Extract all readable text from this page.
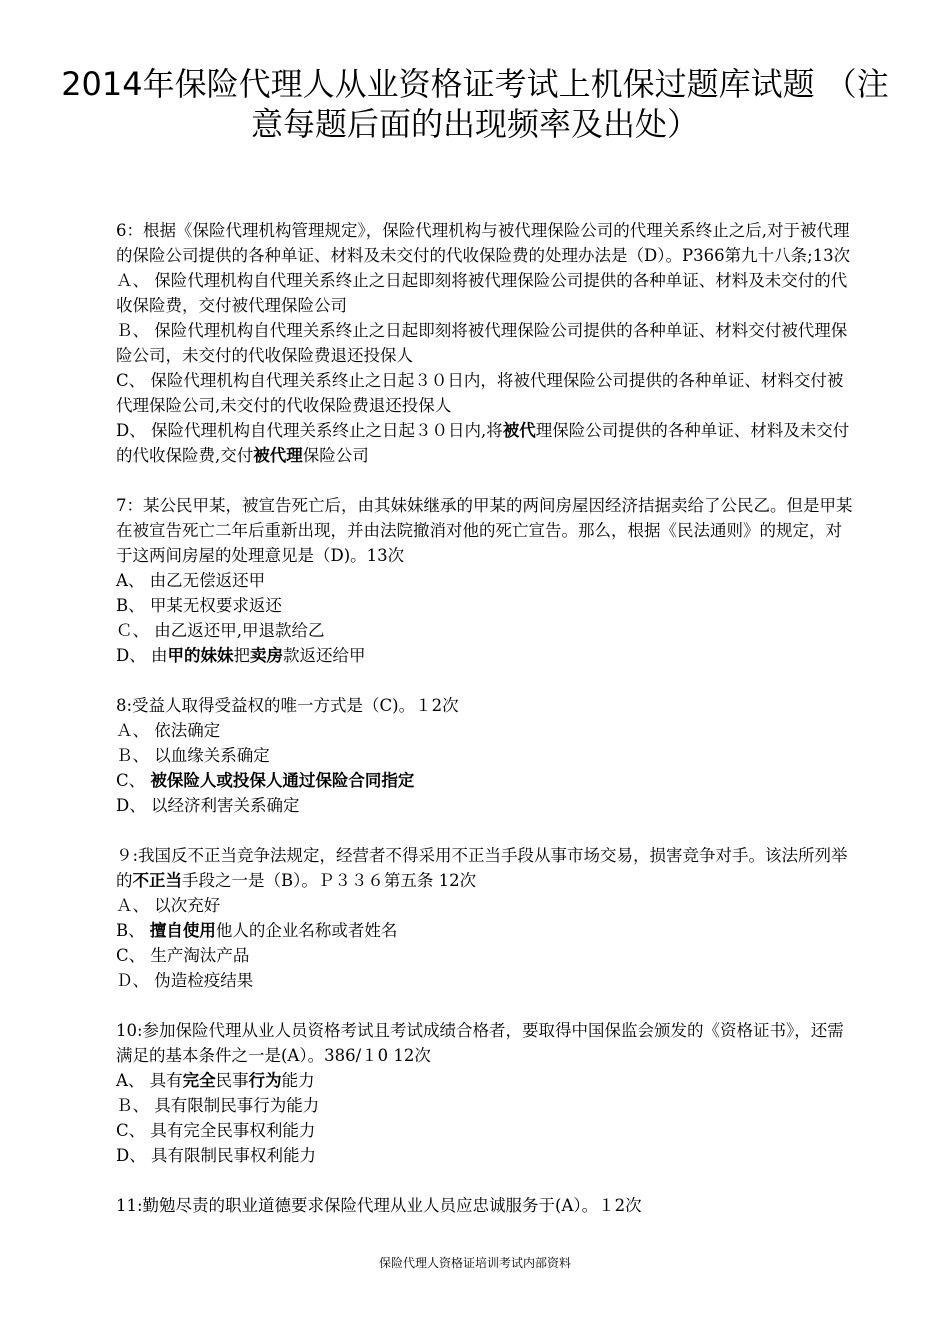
2014年保险代理人从业资格证考试上机保过题库试题 （注意每题后面的出现频率及出处）
6：根据《保险代理机构管理规定》，保险代理机构与被代理保险公司的代理关系终止之后,对于被代理的保险公司提供的各种单证、材料及未交付的代收保险费的处理办法是（D）。P366第九十八条;13次
Ａ、 保险代理机构自代理关系终止之日起即刻将被代理保险公司提供的各种单证、材料及未交付的代收保险费，交付被代理保险公司
Ｂ、 保险代理机构自代理关系终止之日起即刻将被代理保险公司提供的各种单证、材料交付被代理保险公司，未交付的代收保险费退还投保人
C、 保险代理机构自代理关系终止之日起３０日内，将被代理保险公司提供的各种单证、材料交付被代理保险公司,未交付的代收保险费退还投保人
D、 保险代理机构自代理关系终止之日起３０日内,将被代理保险公司提供的各种单证、材料及未交付的代收保险费,交付被代理保险公司
7：某公民甲某，被宣告死亡后，由其妹妹继承的甲某的两间房屋因经济拮据卖给了公民乙。但是甲某在被宣告死亡二年后重新出现，并由法院撤消对他的死亡宣告。那么，根据《民法通则》的规定，对于这两间房屋的处理意见是（D)。13次
A、 由乙无偿返还甲
B、 甲某无权要求返还
Ｃ、 由乙返还甲,甲退款给乙
D、 由甲的妹妹把卖房款返还给甲
8:受益人取得受益权的唯一方式是（C)。１2次
Ａ、 依法确定
Ｂ、 以血缘关系确定
C、 被保险人或投保人通过保险合同指定
D、 以经济利害关系确定
９:我国反不正当竞争法规定，经营者不得采用不正当手段从事市场交易，损害竞争对手。该法所列举的不正当手段之一是（B）。Ｐ３３６第五条 12次
Ａ、 以次充好
B、 擅自使用他人的企业名称或者姓名
C、 生产淘汰产品
Ｄ、 伪造检疫结果
10:参加保险代理从业人员资格考试且考试成绩合格者，要取得中国保监会颁发的《资格证书》，还需满足的基本条件之一是(A）。386/１0 12次
A、 具有完全民事行为能力
Ｂ、 具有限制民事行为能力
C、 具有完全民事权利能力
D、 具有限制民事权利能力
11:勤勉尽责的职业道德要求保险代理从业人员应忠诚服务于(A）。１2次
保险代理人资格证培训考试内部资料
